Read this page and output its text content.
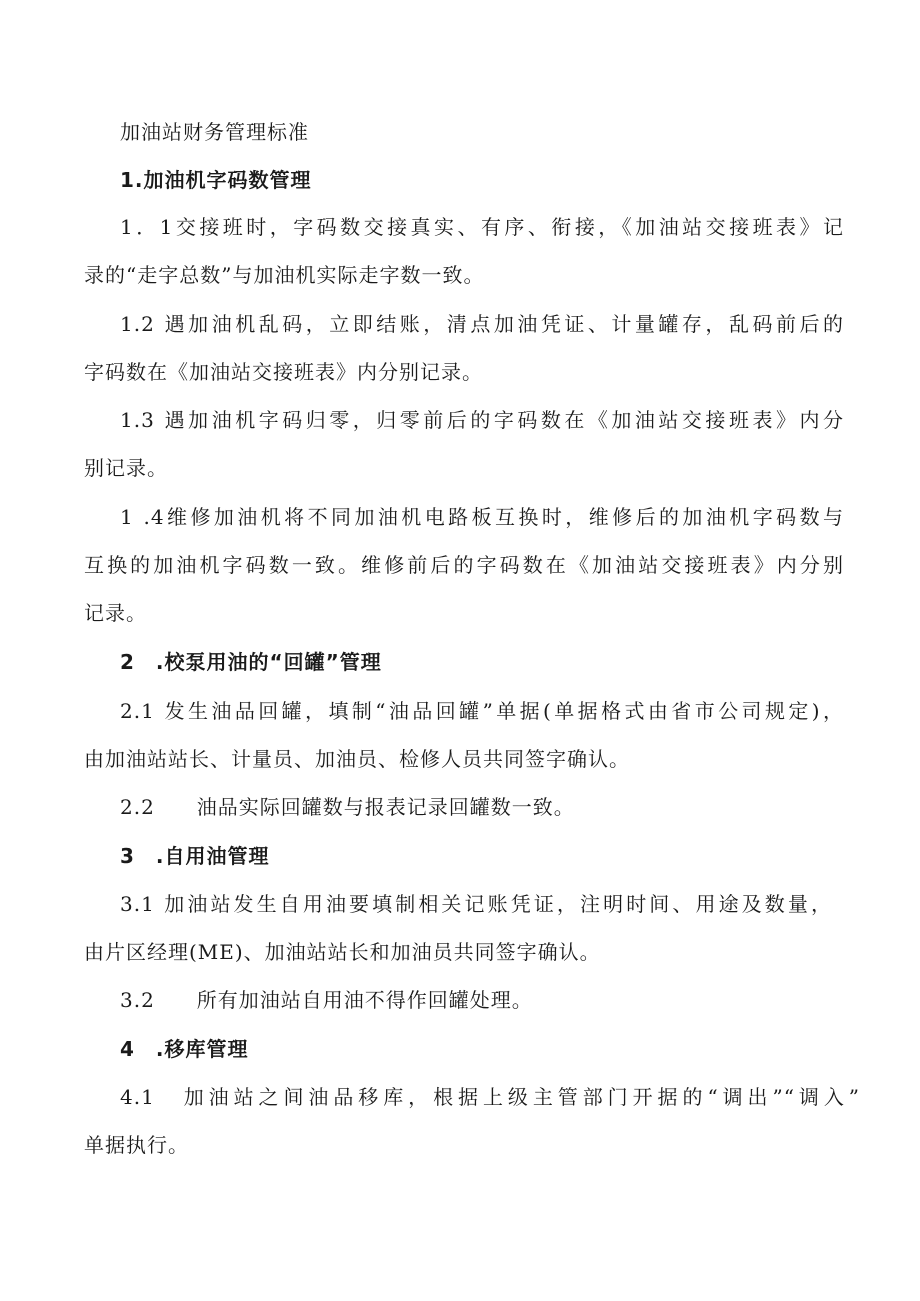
加油站财务管理标准
1.加油机字码数管理
1．1交接班时，字码数交接真实、有序、衔接，《加油站交接班表》记
录的“走字总数”与加油机实际走字数一致。
1.2 遇加油机乱码，立即结账，清点加油凭证、计量罐存，乱码前后的
字码数在《加油站交接班表》内分别记录。
1.3 遇加油机字码归零，归零前后的字码数在《加油站交接班表》内分
别记录。
1 .4维修加油机将不同加油机电路板互换时，维修后的加油机字码数与
互换的加油机字码数一致。维修前后的字码数在《加油站交接班表》内分别
记录。
2　.校泵用油的“回罐”管理
2.1 发生油品回罐，填制“油品回罐”单据(单据格式由省市公司规定)，
由加油站站长、计量员、加油员、检修人员共同签字确认。
2.2　　油品实际回罐数与报表记录回罐数一致。
3　.自用油管理
3.1 加油站发生自用油要填制相关记账凭证，注明时间、用途及数量，
由片区经理(ME)、加油站站长和加油员共同签字确认。
3.2　　所有加油站自用油不得作回罐处理。
4　.移库管理
4.1　加油站之间油品移库，根据上级主管部门开据的“调出”“调入”
单据执行。
